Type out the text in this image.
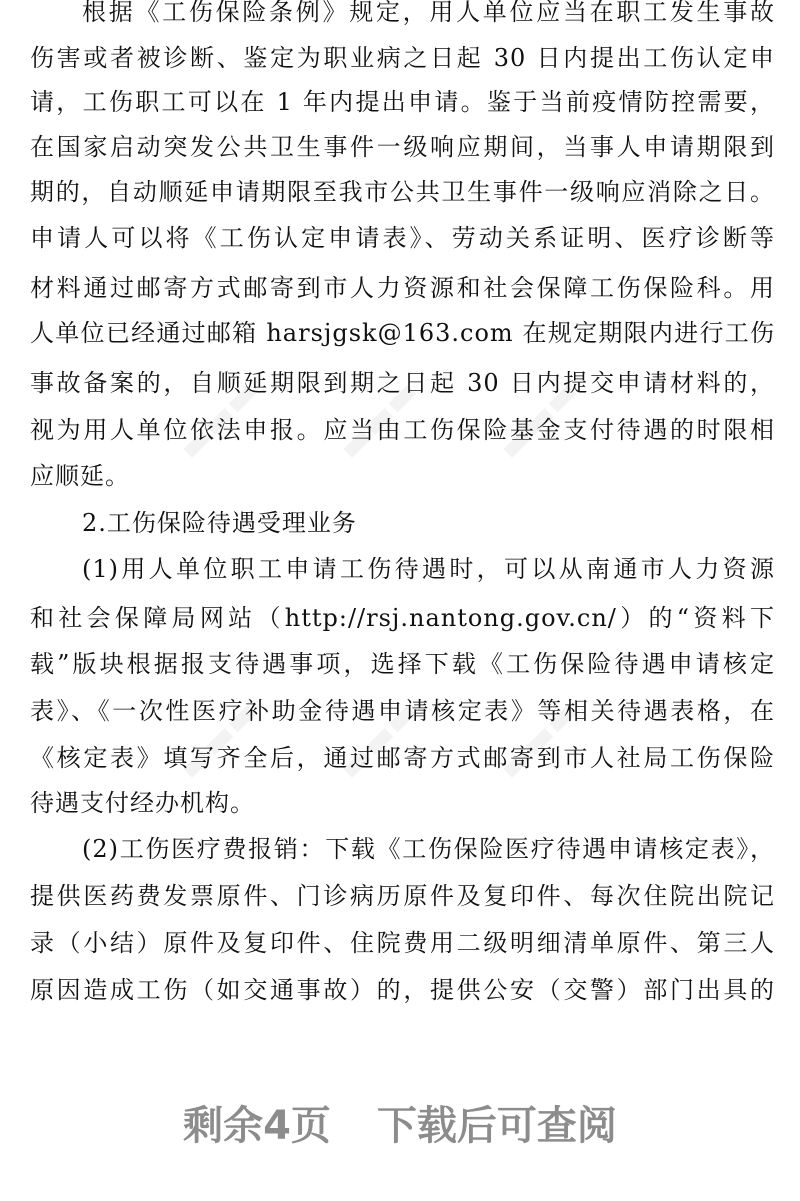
根据《工伤保险条例》规定，用人单位应当在职工发生事故
伤害或者被诊断、鉴定为职业病之日起 30 日内提出工伤认定申
请，工伤职工可以在 1 年内提出申请。鉴于当前疫情防控需要，
在国家启动突发公共卫生事件一级响应期间，当事人申请期限到
期的，自动顺延申请期限至我市公共卫生事件一级响应消除之日。
申请人可以将《工伤认定申请表》、劳动关系证明、医疗诊断等
材料通过邮寄方式邮寄到市人力资源和社会保障工伤保险科。用
人单位已经通过邮箱 harsjgsk@163.com 在规定期限内进行工伤
事故备案的，自顺延期限到期之日起 30 日内提交申请材料的，
视为用人单位依法申报。应当由工伤保险基金支付待遇的时限相
应顺延。
2.工伤保险待遇受理业务
(1)用人单位职工申请工伤待遇时，可以从南通市人力资源
和社会保障局网站（http://rsj.nantong.gov.cn/）的“资料下
载”版块根据报支待遇事项，选择下载《工伤保险待遇申请核定
表》、《一次性医疗补助金待遇申请核定表》等相关待遇表格，在
《核定表》填写齐全后，通过邮寄方式邮寄到市人社局工伤保险
待遇支付经办机构。
(2)工伤医疗费报销：下载《工伤保险医疗待遇申请核定表》，
提供医药费发票原件、门诊病历原件及复印件、每次住院出院记
录（小结）原件及复印件、住院费用二级明细清单原件、第三人
原因造成工伤（如交通事故）的，提供公安（交警）部门出具的
剩余4页 下载后可查阅
